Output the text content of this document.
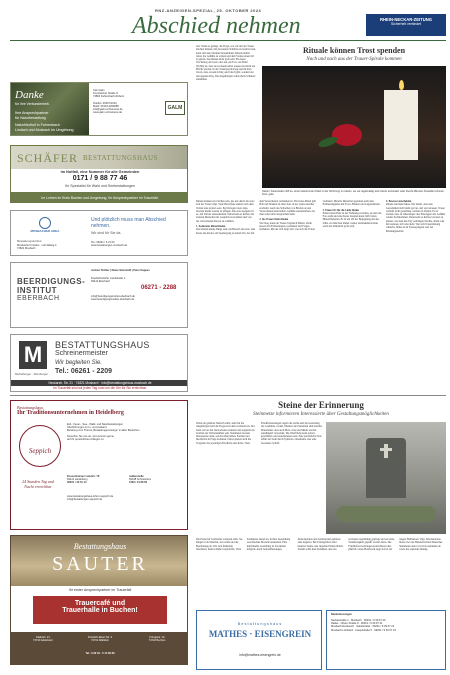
RNZ-ANZEIGEN-SPEZIAL, 25. OKTOBER 2024
Abschied nehmen	RHEIN-NECKAR-ZEITUNG
Sicherheit verbindet
Danke
für Ihre Verbundenheit.
Ihre Ansprechpartner
für Naturbestattung
Naturfriedhof in Fahrenbach
Lindach und Mosbach im Umgebung
Udo Galm
Krumbacher Straße 9
74864 Fahrenbach-Robern
Telefon: 06267/1230
Mobil: 0151/14450088
info@galm-schreinerei.de
www.galm-schreinerei.de
GALM
SCHÄFER BESTATTUNGSHAUS
Im Notfall, eine Nummer für alle Gemeinden
0171 / 9 88 77 46
Ihr Spezialist für Wald und Seebestattungen
Im Lohren im Kreis Buchen und Umgebung. Ihr Ansprechpartner im Trauerfall.
MOSBACHER AREA
Bestattungsinstitut
Mosbacher Frieden · Lohrtalweg 4
74821 Mosbach
Und plötzlich muss man Abschied nehmen.
Wir sind für Sie da.
Tel.: 06261 / 6 21 00
www.bestattungen-mosbach.de
BEERDIGUNGS-
INSTITUT
EBERBACH
Jochen Flühler | Diane Steinmüll | Peter Kappes
Friedrichsdorfer Landstraße 1
69412 Eberbach
06271 - 2288
info@beerdigungsinstitut-eberbach.de
www.beerdigungsinstitut-eberbach.de
M
Michelberger · Mörsberger
BESTATTUNGSHAUS
Schreinermeister
Wir begleiten Sie.
Tel.: 06261 - 2209
Neckarstr. Str. 21 · 74821 Mosbach · info@bestattungshaus-mosbach.de
Im Trauerfall sind wir jeden Tag rund um die Uhr für Sie erreichbar.
dort. Wenn es gelingt, die Frage, was wir mit der Trauer machen können, mit bewussten Schritten zu beantworten, kann sich eine Struktur herausbilden. Rituale helfen dabei, die Gefühle zu ordnen und dem Verlust einen Ort zu geben. Sie müssen nicht groß sein: Ein fester Wochentag am Grab, ein Lied, ein Foto, ein Brief. Wichtig ist, dass sie zu einem selbst passen und nicht zur Pflicht werden. In der Trauerpsychologie spricht man davon, dass es kein richtig oder falsch gibt, sondern nur den eigenen Weg. Die Angehörigen sollen ihren Schmerz annehmen.
Rituale können Trost spenden
Nach und nach aus der Trauer-Spirale kommen
Neben Trauerreden hilft es, einen bestimmten Platz in der Wohnung zu haben, wo sie regelmäßig eine Kerze anzünden oder frische Blumen hinstellen können. Foto: gala
Rituale können ein Zeichen sein, das uns durch die erste Zeit der Trauer trägt. Viele Betroffene spüren nach dem Verlust eine große Leere. Psychologen raten dazu, bewusst kleine Gesten zu pflegen. Die erste Aufgabe ist es, den Verlust anzuerkennen. Dabei kann es helfen, mit anderen Menschen ins Gespräch zu kommen und von der verstorbenen Person zu erzählen.
1. Konkretes Ritual finden
Das können kleine Dinge sein: ein Besuch am Grab, eine Kerze am Abend, ein Spaziergang an einem Ort, der mit dem Verstorbenen verbunden ist. Ein festes Ritual gibt Halt und Struktur in einer Zeit, in der vieles unsicher erscheint. Auch das Schreiben von Briefen an den Verstorbenen kann helfen, Gefühle auszudrücken, die man sonst nicht aussprechen kann.
2. Ins Trauer-Doku finden
Wer mag, kann ein Trauer-Tagebuch führen. Darin lassen sich Erinnerungen, Gedanken und Fragen festhalten. Mit der Zeit zeigt sich, wie sich die Trauer verändert. Manche Menschen gestalten auch eine Erinnerungskiste mit Fotos, Briefen und Gegenständen.
3. Einen Ort für die Liebe finden
Einen festen Platz in der Wohnung zu haben, an dem ein Foto steht und eine Kerze brennen kann, hilft vielen Hinterbliebenen. Es ist ein Ort der Begegnung und der Stille, zu dem man immer wieder zurückkehren kann, wenn die Sehnsucht groß wird.
4. Bewusst entscheiden
Rituale sind kein Muss. Wer merkt, dass eine Gewohnheit nicht mehr gut tut, darf sie loslassen. Trauer verläuft nicht geradlinig, sondern in Wellen. Es ist normal, dass an Jahrestagen oder Feiertagen alte Gefühle wieder hochkommen. Dann kann es helfen, bewusst zu planen, wie man den Tag verbringen möchte, allein oder mit anderen, still oder aktiv. Wer sich Unterstützung wünscht, findet sie in Trauergruppen oder bei Beratungsstellen.
Bestattungshaus
Ihr Traditionsunternehmen in Heidelberg
Seppich
Erd-, Feuer-, See-, Wald- und Naturbestattungen
Überführungen im In- und Ausland
Beratung zum Thema „Bestattungsvorsorge" in allen Bereichen
Sprechen Sie uns an, wir kommen gerne
auf Ihr persönliches Anliegen zu
24 Stunden Tag und Nacht erreichbar
Dossenheimer Landstr. 79
69121 Heidelberg
06221 / 40 51 14
Außenstelle
69198 Schriesheim
0162 / 44 88 00
www.bestattungshaus-lohrer-seppich.de
info@bestattungen-seppich.de
Bestattungshaus
SAUTER
Ihr erster Ansprechpartner im Trauerfall
Trauercafé und
Trauerhalle in Buchen!
Marktstr. 21
74740 Adelsheim
Friedrich-Ebert-Str. 3
74731 Walldürn
Königsstr. 10
74722 Buchen
Tel.: 0 62 91 - 5 14 00 66
Steine der Erinnerung
Steinmetze informieren Interessierte über Gestaltungsmöglichkeiten
Wenn ein geliebter Mensch stirbt, steht für die Angehörigen bald die Frage nach dem Grabstein an. Der Stein soll an den Verstorbenen erinnern und zugleich ein Zeichen der Verbundenheit sein. Steinmetze beraten Interessierte dazu, welche Materialien, Formen und Inschriften in Frage kommen. Dabei spielen auch die Vorgaben des jeweiligen Friedhofs eine Rolle. Viele Friedhofssatzungen regeln die Größe und die Gestaltung der Grabmale. Granit, Marmor und Sandstein sind beliebte Materialien, aber auch Holz, Glas und Metall werden zunehmend verwendet. Die Oberfläche kann poliert, geschliffen oder naturbelassen sein. Eine persönliche Note erhält der Stein durch Symbole, Ornamente oder eine besondere Schrift.
Die Preise für Grabsteine variieren stark. Sie hängen vom Material, der Größe und der Bearbeitung ab. Wer sich frühzeitig informiert, kann in Ruhe vergleichen. Viele Steinmetze bieten an, in ihrer Ausstellung verschiedene Modelle anzusehen. Eine individuelle Gestaltung ist fast immer möglich. Auch Grabeinfassungen, Abdeckplatten und Grablaternen gehören zum Angebot. Bei Urnengräbern sind kleinere Steine oder liegende Platten üblich. Zudem sollte man bedenken, dass ein Grabstein regelmäßig gepflegt und auf seine Standfestigkeit geprüft werden muss. Die Friedhofsverwaltungen kontrollieren dies jährlich. Gutes Handwerk zeigt sich in der langen Haltbarkeit. Tipp: Informationen bietet etwa der Bundesverband Deutscher Steinmetze unter www.biv-steinmetz.de sowie die regionale Innung.
Niederlassungen
Neckarstraße 1 · Mosbach · 06261 / 9 39 67 20
Dallau · Obere Straße 8 · 06261 / 9 39 67 21
Mosbach-Neckarelz · Sattelstraße · 06261 / 9 39 67 22
Mosbach-Lohrbach · Hauptstraße 5 · 06261 / 9 39 67 23
Bestattungshaus
MATHES · EISENGREIN
info@mathes-eisengrein.de
